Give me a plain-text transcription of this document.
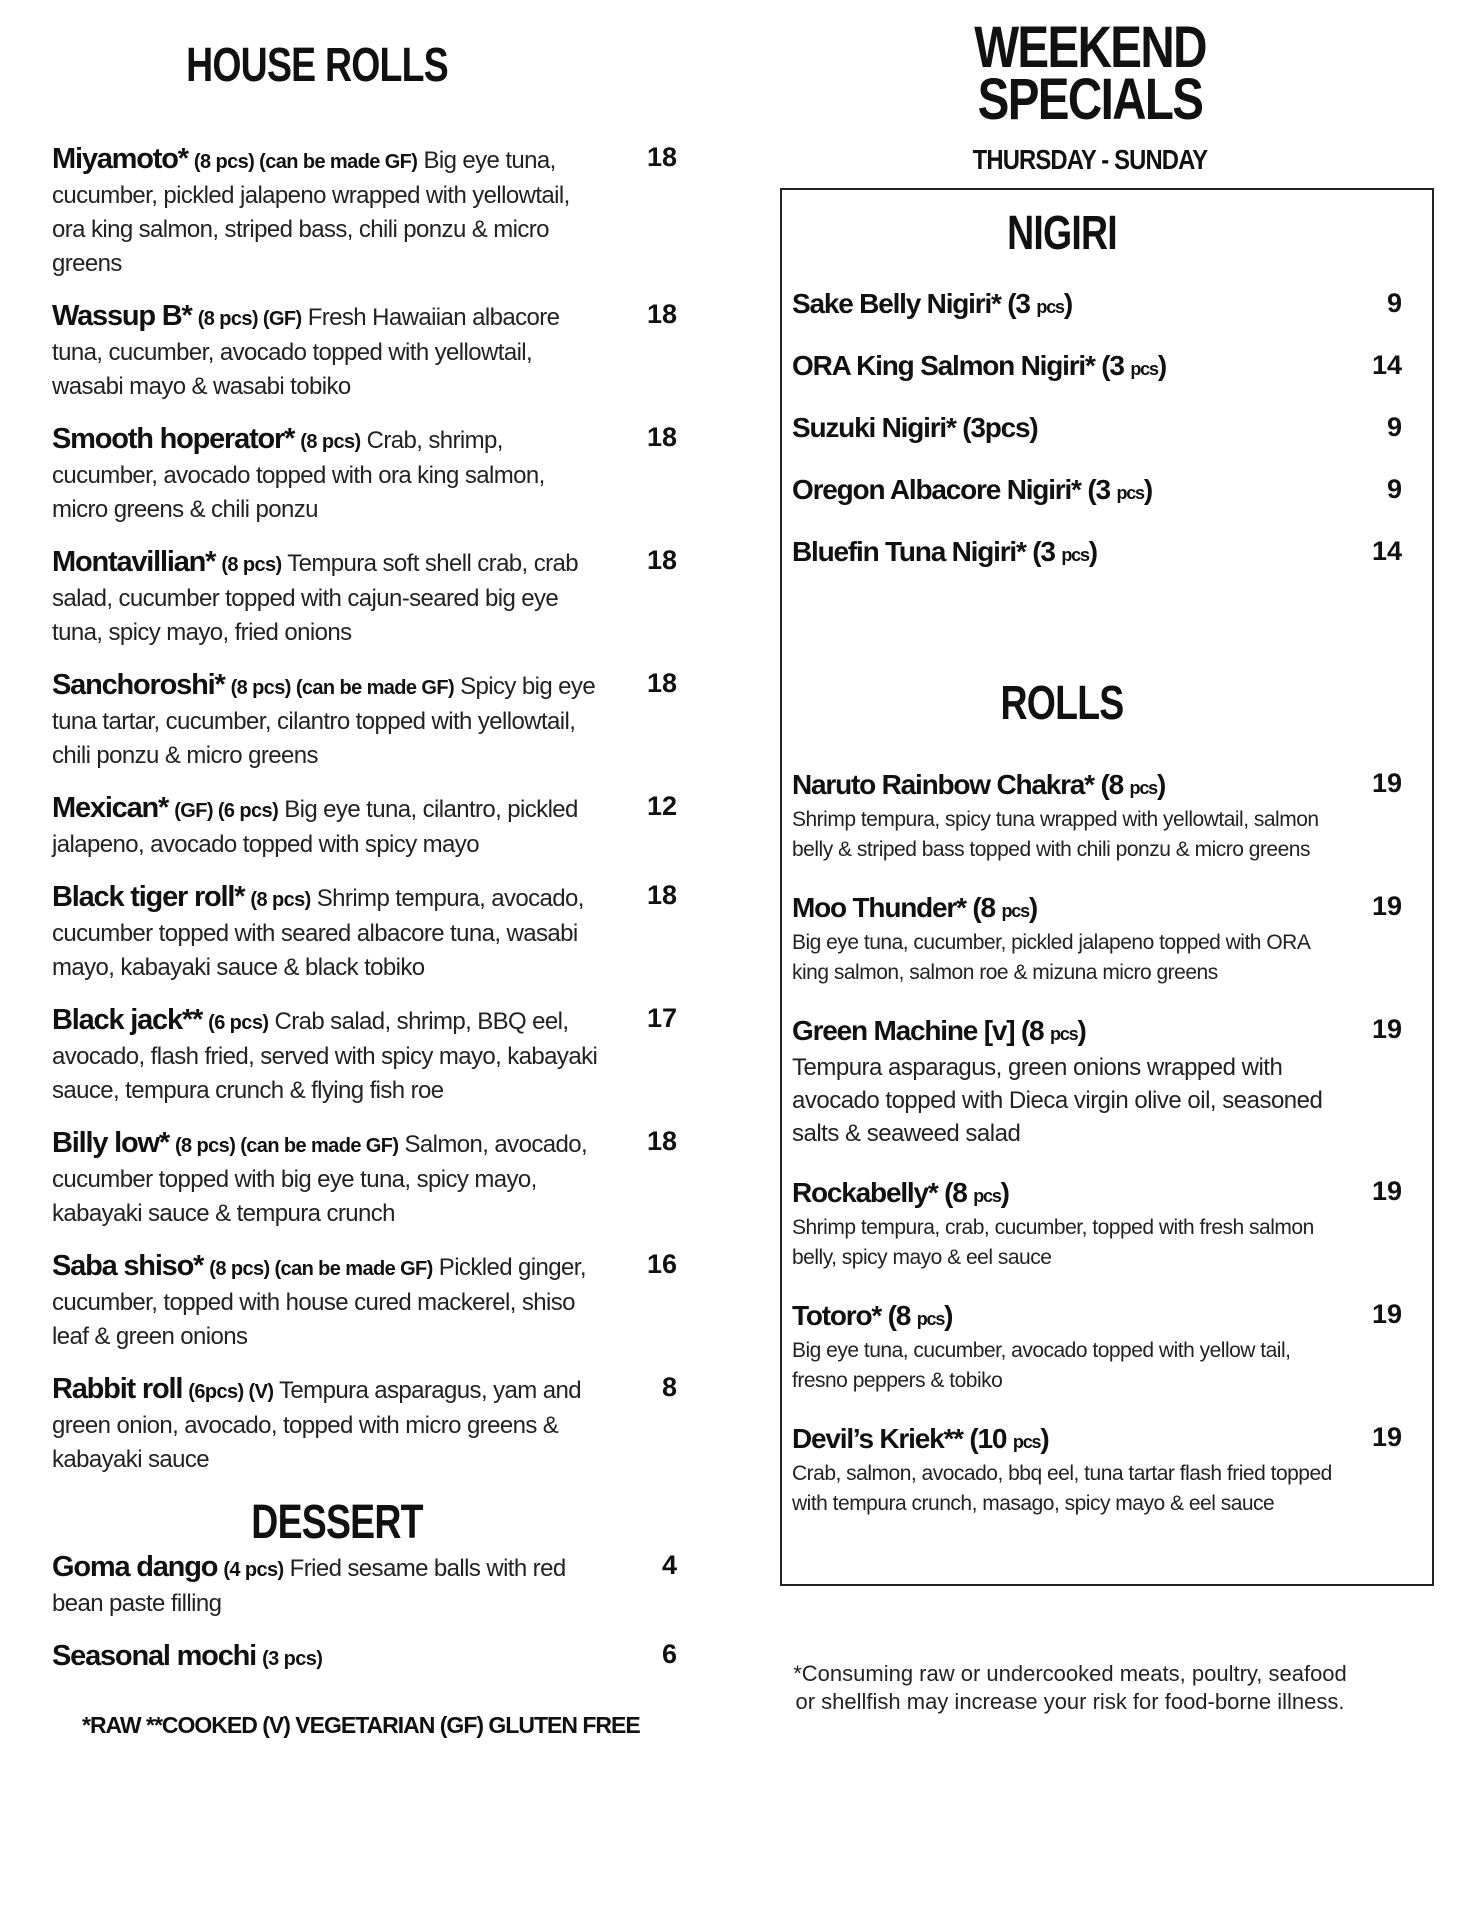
HOUSE ROLLS
Miyamoto* (8 pcs) (can be made GF) Big eye tuna, cucumber, pickled jalapeno wrapped with yellowtail, ora king salmon, striped bass, chili ponzu & micro greens
18
Wassup B* (8 pcs) (GF) Fresh Hawaiian albacore tuna, cucumber, avocado topped with yellowtail, wasabi mayo & wasabi tobiko
18
Smooth hoperator* (8 pcs) Crab, shrimp, cucumber, avocado topped with ora king salmon, micro greens & chili ponzu
18
Montavillian* (8 pcs) Tempura soft shell crab, crab salad, cucumber topped with cajun-seared big eye tuna, spicy mayo, fried onions
18
Sanchoroshi* (8 pcs) (can be made GF) Spicy big eye tuna tartar, cucumber, cilantro topped with yellowtail, chili ponzu & micro greens
18
Mexican* (GF) (6 pcs) Big eye tuna, cilantro, pickled jalapeno, avocado topped with spicy mayo
12
Black tiger roll* (8 pcs) Shrimp tempura, avocado, cucumber topped with seared albacore tuna, wasabi mayo, kabayaki sauce & black tobiko
18
Black jack** (6 pcs) Crab salad, shrimp, BBQ eel, avocado, flash fried, served with spicy mayo, kabayaki sauce, tempura crunch & flying fish roe
17
Billy low* (8 pcs) (can be made GF) Salmon, avocado, cucumber topped with big eye tuna, spicy mayo, kabayaki sauce & tempura crunch
18
Saba shiso* (8 pcs) (can be made GF) Pickled ginger, cucumber, topped with house cured mackerel, shiso leaf & green onions
16
Rabbit roll (6pcs) (V) Tempura asparagus, yam and green onion, avocado, topped with micro greens & kabayaki sauce
8
DESSERT
Goma dango (4 pcs) Fried sesame balls with red bean paste filling
4
Seasonal mochi (3 pcs)	6
*RAW **COOKED (V) VEGETARIAN (GF) GLUTEN FREE
WEEKEND
SPECIALS
THURSDAY - SUNDAY
NIGIRI
Sake Belly Nigiri* (3 pcs)	9
ORA King Salmon Nigiri* (3 pcs)	14
Suzuki Nigiri* (3pcs)	9
Oregon Albacore Nigiri* (3 pcs)	9
Bluefin Tuna Nigiri* (3 pcs)	14
ROLLS
Naruto Rainbow Chakra* (8 pcs)
Shrimp tempura, spicy tuna wrapped with yellowtail, salmon belly & striped bass topped with chili ponzu & micro greens
19
Moo Thunder* (8 pcs)
Big eye tuna, cucumber, pickled jalapeno topped with ORA king salmon, salmon roe & mizuna micro greens
19
Green Machine [v] (8 pcs)
Tempura asparagus, green onions wrapped with avocado topped with Dieca virgin olive oil, seasoned salts & seaweed salad
19
Rockabelly* (8 pcs)
Shrimp tempura, crab, cucumber, topped with fresh salmon belly, spicy mayo & eel sauce
19
Totoro* (8 pcs)
Big eye tuna, cucumber, avocado topped with yellow tail, fresno peppers & tobiko
19
Devil’s Kriek** (10 pcs)
Crab, salmon, avocado, bbq eel, tuna tartar flash fried topped with tempura crunch, masago, spicy mayo & eel sauce
19
*Consuming raw or undercooked meats, poultry, seafood or shellfish may increase your risk for food-borne illness.
